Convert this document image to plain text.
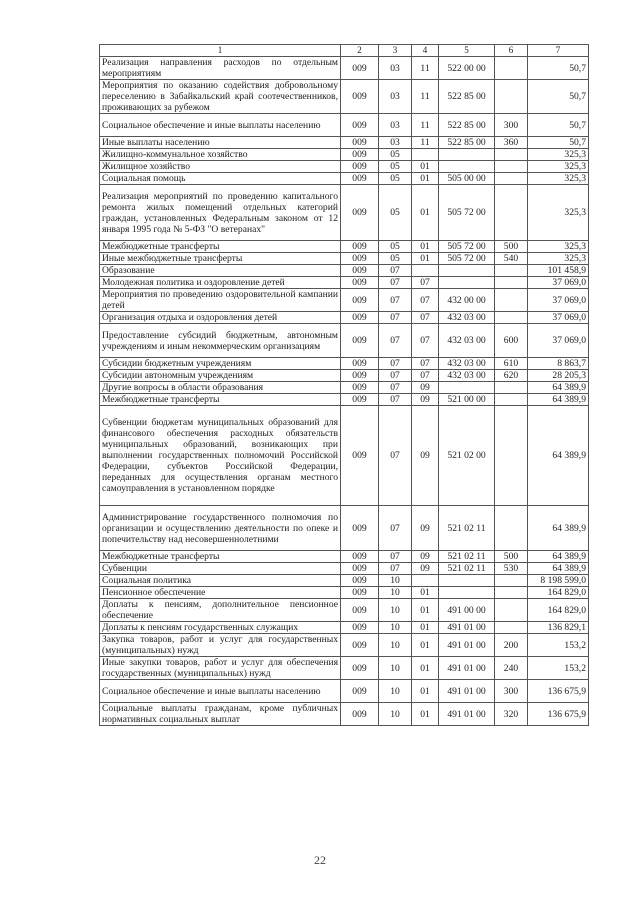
1	2	3	4	5	6	7
Реализация направления расходов по отдельным мероприятиям	009	03	11	522 00 00		50,7
Мероприятия по оказанию содействия добровольному переселению в Забайкальский край соотечественников, проживающих за рубежом	009	03	11	522 85 00		50,7
Социальное обеспечение и иные выплаты населению	009	03	11	522 85 00	300	50,7
Иные выплаты населению	009	03	11	522 85 00	360	50,7
Жилищно-коммунальное хозяйство	009	05				325,3
Жилищное хозяйство	009	05	01			325,3
Социальная помощь	009	05	01	505 00 00		325,3
Реализация мероприятий по проведению капитального ремонта жилых помещений отдельных категорий граждан, установленных Федеральным законом от 12 января 1995 года № 5-ФЗ "О ветеранах"	009	05	01	505 72 00		325,3
Межбюджетные трансферты	009	05	01	505 72 00	500	325,3
Иные межбюджетные трансферты	009	05	01	505 72 00	540	325,3
Образование	009	07				101 458,9
Молодежная политика и оздоровление детей	009	07	07			37 069,0
Мероприятия по проведению оздоровительной кампании детей	009	07	07	432 00 00		37 069,0
Организация отдыха и оздоровления детей	009	07	07	432 03 00		37 069,0
Предоставление субсидий бюджетным, автономным учреждениям и иным некоммерческим организациям	009	07	07	432 03 00	600	37 069,0
Субсидии бюджетным учреждениям	009	07	07	432 03 00	610	8 863,7
Субсидии автономным учреждениям	009	07	07	432 03 00	620	28 205,3
Другие вопросы в области образования	009	07	09			64 389,9
Межбюджетные трансферты	009	07	09	521 00 00		64 389,9
Субвенции бюджетам муниципальных образований для финансового обеспечения расходных обязательств муниципальных образований, возникающих при выполнении государственных полномочий Российской Федерации, субъектов Российской Федерации, переданных для осуществления органам местного самоуправления в установленном порядке	009	07	09	521 02 00		64 389,9
Администрирование государственного полномочия по организации и осуществлению деятельности по опеке и попечительству над несовершеннолетними	009	07	09	521 02 11		64 389,9
Межбюджетные трансферты	009	07	09	521 02 11	500	64 389,9
Субвенции	009	07	09	521 02 11	530	64 389,9
Социальная политика	009	10				8 198 599,0
Пенсионное обеспечение	009	10	01			164 829,0
Доплаты к пенсиям, дополнительное пенсионное обеспечение	009	10	01	491 00 00		164 829,0
Доплаты к пенсиям государственных служащих	009	10	01	491 01 00		136 829,1
Закупка товаров, работ и услуг для государственных (муниципальных) нужд	009	10	01	491 01 00	200	153,2
Иные закупки товаров, работ и услуг для обеспечения государственных (муниципальных) нужд	009	10	01	491 01 00	240	153,2
Социальное обеспечение и иные выплаты населению	009	10	01	491 01 00	300	136 675,9
Социальные выплаты гражданам, кроме публичных нормативных социальных выплат	009	10	01	491 01 00	320	136 675,9
22
